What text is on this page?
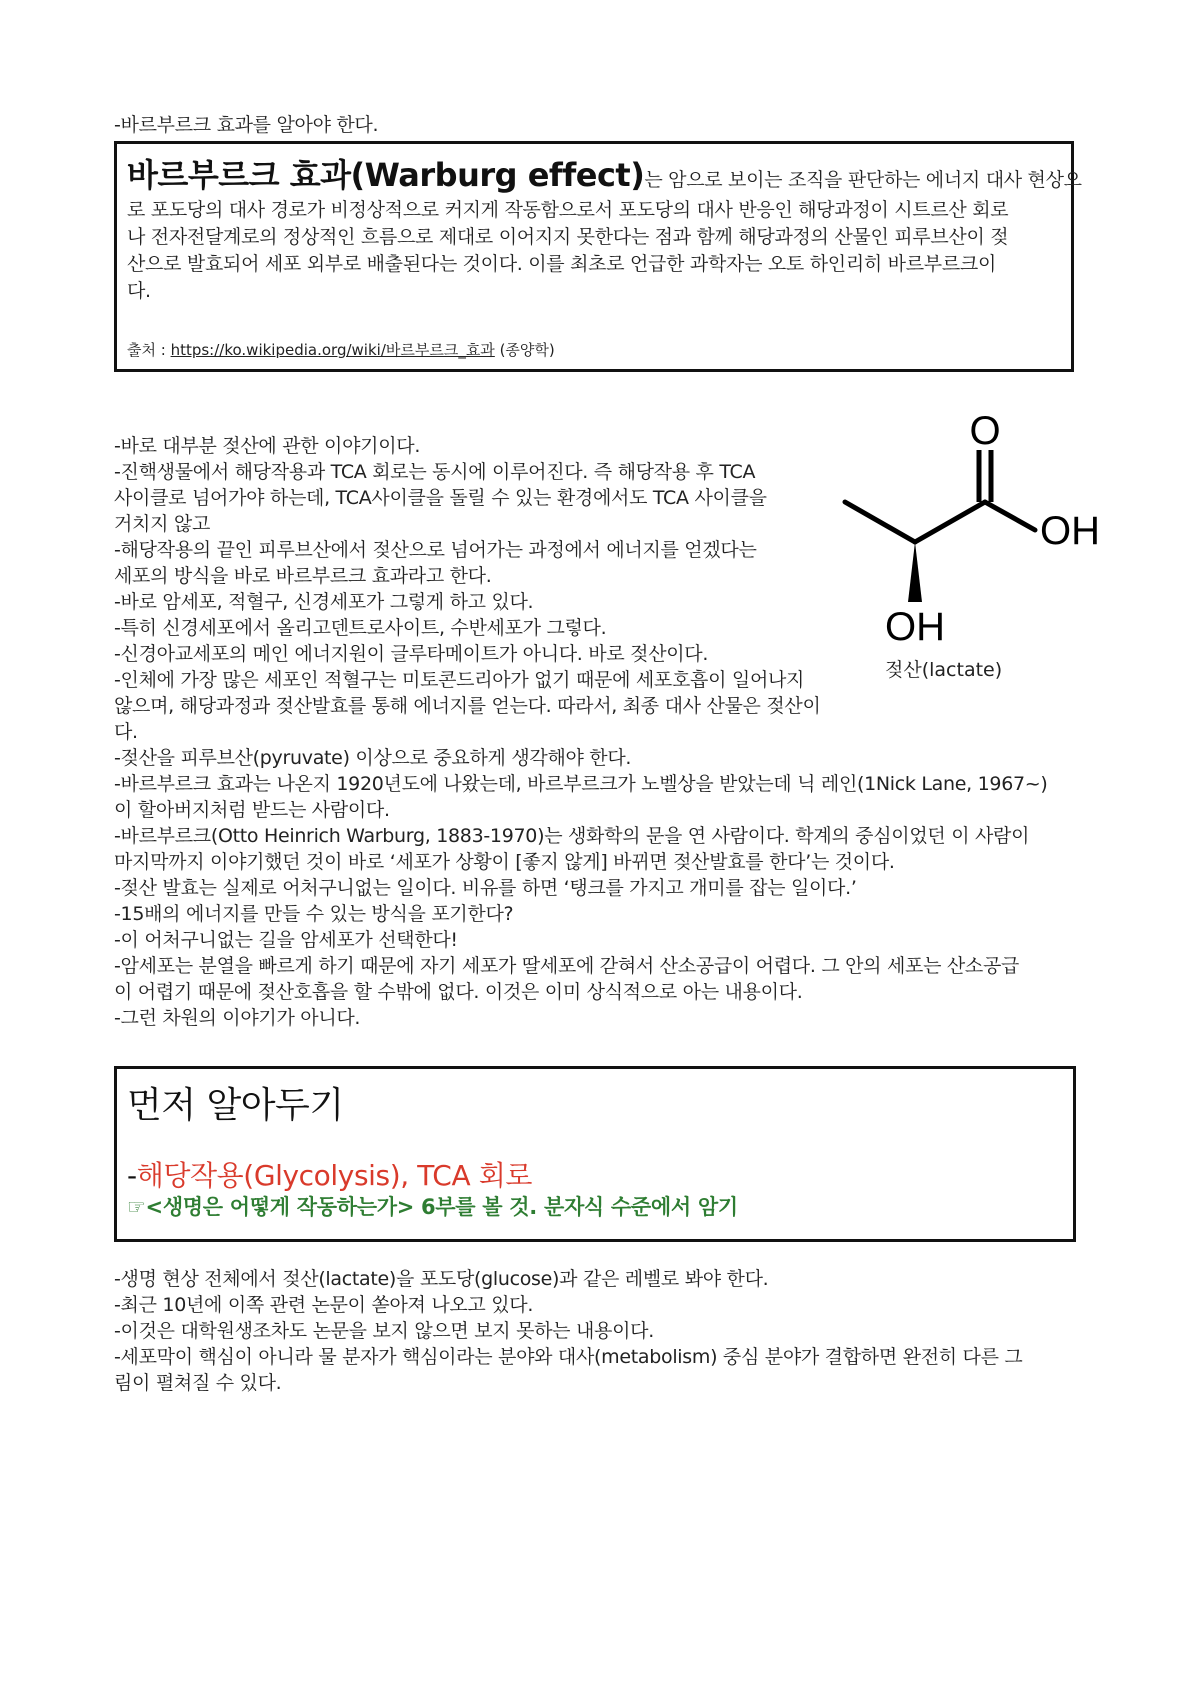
-바르부르크 효과를 알아야 한다.

바르부르크 효과(Warburg effect)는 암으로 보이는 조직을 판단하는 에너지 대사 현상으

로 포도당의 대사 경로가 비정상적으로 커지게 작동함으로서 포도당의 대사 반응인 해당과정이 시트르산 회로

나 전자전달계로의 정상적인 흐름으로 제대로 이어지지 못한다는 점과 함께 해당과정의 산물인 피루브산이 젖

산으로 발효되어 세포 외부로 배출된다는 것이다. 이를 최초로 언급한 과학자는 오토 하인리히 바르부르크이

다.

출처 : https://ko.wikipedia.org/wiki/바르부르크_효과 (종양학)

-바로 대부분 젖산에 관한 이야기이다.

-진핵생물에서 해당작용과 TCA 회로는 동시에 이루어진다. 즉 해당작용 후 TCA

사이클로 넘어가야 하는데, TCA사이클을 돌릴 수 있는 환경에서도 TCA 사이클을

거치지 않고

-해당작용의 끝인 피루브산에서 젖산으로 넘어가는 과정에서 에너지를 얻겠다는

세포의 방식을 바로 바르부르크 효과라고 한다.

-바로 암세포, 적혈구, 신경세포가 그렇게 하고 있다.

-특히 신경세포에서 올리고덴트로사이트, 수반세포가 그렇다.

-신경아교세포의 메인 에너지원이 글루타메이트가 아니다. 바로 젖산이다.

-인체에 가장 많은 세포인 적혈구는 미토콘드리아가 없기 때문에 세포호흡이 일어나지

않으며, 해당과정과 젖산발효를 통해 에너지를 얻는다. 따라서, 최종 대사 산물은 젖산이

다.

-젖산을 피루브산(pyruvate) 이상으로 중요하게 생각해야 한다.

-바르부르크 효과는 나온지 1920년도에 나왔는데, 바르부르크가 노벨상을 받았는데 닉 레인(1Nick Lane, 1967~)

이 할아버지처럼 받드는 사람이다.

-바르부르크(Otto Heinrich Warburg, 1883-1970)는 생화학의 문을 연 사람이다. 학계의 중심이었던 이 사람이

마지막까지 이야기했던 것이 바로 ‘세포가 상황이 [좋지 않게] 바뀌면 젖산발효를 한다’는 것이다.

-젖산 발효는 실제로 어처구니없는 일이다. 비유를 하면 ‘탱크를 가지고 개미를 잡는 일이다.’

-15배의 에너지를 만들 수 있는 방식을 포기한다?

-이 어처구니없는 길을 암세포가 선택한다!

-암세포는 분열을 빠르게 하기 때문에 자기 세포가 딸세포에 갇혀서 산소공급이 어렵다. 그 안의 세포는 산소공급

이 어렵기 때문에 젖산호흡을 할 수밖에 없다. 이것은 이미 상식적으로 아는 내용이다.

-그런 차원의 이야기가 아니다.

O
OH
OH
젖산(lactate)
먼저 알아두기
-해당작용(Glycolysis), TCA 회로
☞<생명은 어떻게 작동하는가> 6부를 볼 것. 분자식 수준에서 암기

-생명 현상 전체에서 젖산(lactate)을 포도당(glucose)과 같은 레벨로 봐야 한다.

-최근 10년에 이쪽 관련 논문이 쏟아져 나오고 있다.

-이것은 대학원생조차도 논문을 보지 않으면 보지 못하는 내용이다.

-세포막이 핵심이 아니라 물 분자가 핵심이라는 분야와 대사(metabolism) 중심 분야가 결합하면 완전히 다른 그

림이 펼쳐질 수 있다.
